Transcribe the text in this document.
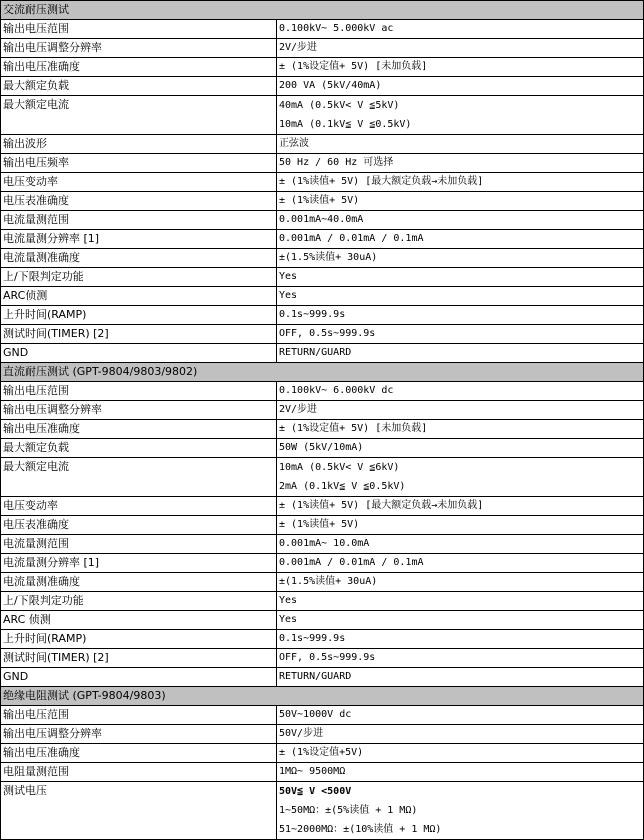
交流耐压测试	
输出电压范围	0.100kV~ 5.000kV ac
输出电压调整分辨率	2V/步进
输出电压准确度	± (1%设定值+ 5V) [未加负载]
最大额定负载	200 VA (5kV/40mA)
最大额定电流	40mA (0.5kV< V ≦5kV)
10mA (0.1kV≦ V ≦0.5kV)

输出波形	正弦波
输出电压频率	50 Hz / 60 Hz 可选择
电压变动率	± (1%读值+ 5V) [最大额定负载→未加负载]
电压表准确度	± (1%读值+ 5V)
电流量测范围	0.001mA~40.0mA
电流量测分辨率 [1]	0.001mA / 0.01mA / 0.1mA
电流量测准确度	±(1.5%读值+ 30uA)
上/下限判定功能	Yes
ARC侦测	Yes
上升时间(RAMP)	0.1s~999.9s
测试时间(TIMER) [2]	OFF, 0.5s~999.9s
GND	RETURN/GUARD
直流耐压测试 (GPT-9804/9803/9802)	
输出电压范围	0.100kV~ 6.000kV dc
输出电压调整分辨率	2V/步进
输出电压准确度	± (1%设定值+ 5V) [未加负载]
最大额定负载	50W (5kV/10mA)
最大额定电流	10mA (0.5kV< V ≦6kV)
2mA (0.1kV≦ V ≦0.5kV)

电压变动率	± (1%读值+ 5V) [最大额定负载→未加负载]
电压表准确度	± (1%读值+ 5V)
电流量测范围	0.001mA~ 10.0mA
电流量测分辨率 [1]	0.001mA / 0.01mA / 0.1mA
电流量测准确度	±(1.5%读值+ 30uA)
上/下限判定功能	Yes
ARC 侦测	Yes
上升时间(RAMP)	0.1s~999.9s
测试时间(TIMER) [2]	OFF, 0.5s~999.9s
GND	RETURN/GUARD
绝缘电阻测试 (GPT-9804/9803)	
输出电压范围	50V~1000V dc
输出电压调整分辨率	50V/步进
输出电压准确度	± (1%设定值+5V)
电阻量测范围	1MΩ~ 9500MΩ
测试电压	50V≦ V <500V
1~50MΩ：±(5%读值 + 1 MΩ)
51~2000MΩ：±(10%读值 + 1 MΩ)
